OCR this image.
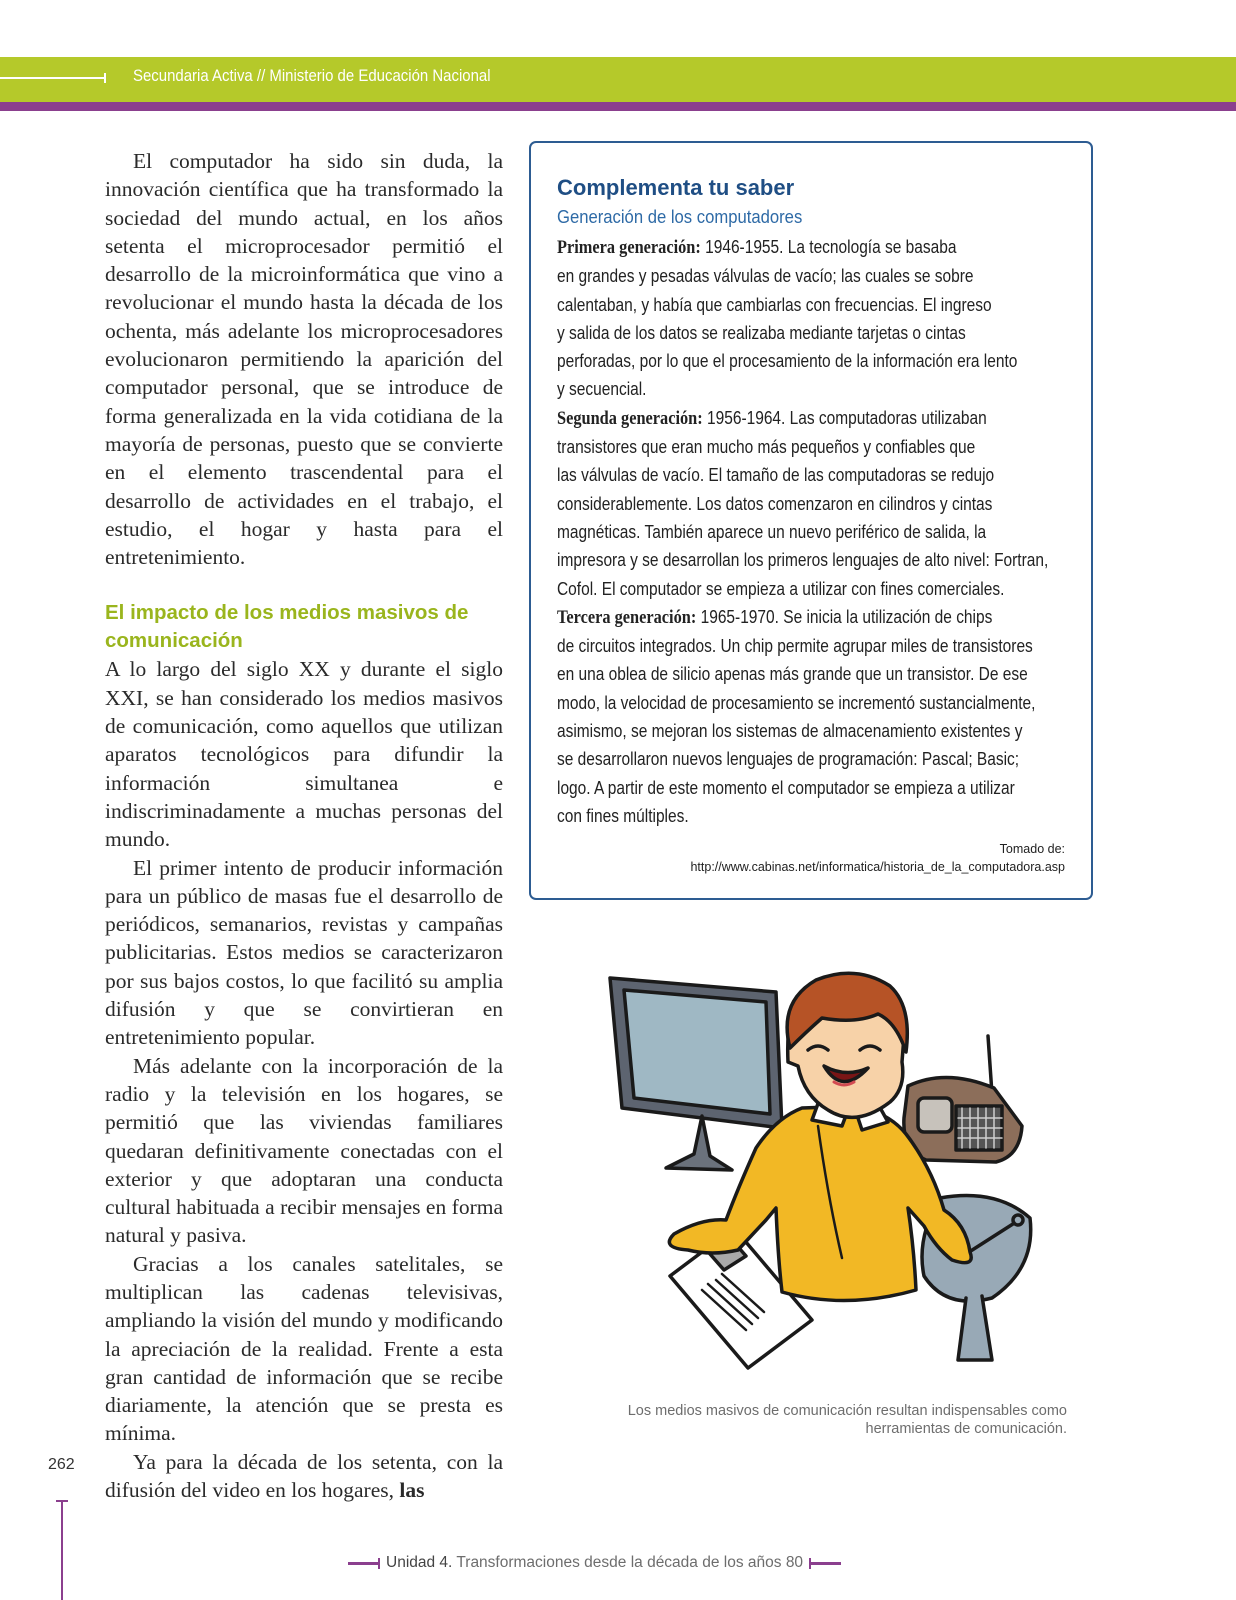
Secundaria Activa // Ministerio de Educación Nacional

El computador ha sido sin duda, la innovación científica que ha transformado la sociedad del mundo actual, en los años setenta el microprocesador permitió el desarrollo de la microinformática que vino a revolucionar el mundo hasta la década de los ochenta, más adelante los microprocesadores evolucionaron permitiendo la aparición del computador personal, que se introduce de forma generalizada en la vida cotidiana de la mayoría de personas, puesto que se convierte en el elemento trascendental para el desarrollo de actividades en el trabajo, el estudio, el hogar y hasta para el entretenimiento.

El impacto de los medios masivos de comunicación

A lo largo del siglo XX y durante el siglo XXI, se han considerado los medios masivos de comunicación, como aquellos que utilizan aparatos tecnológicos para difundir la información simultanea e indiscriminadamente a muchas personas del mundo.

El primer intento de producir información para un público de masas fue el desarrollo de periódicos, semanarios, revistas y campañas publicitarias. Estos medios se caracterizaron por sus bajos costos, lo que facilitó su amplia difusión y que se convirtieran en entretenimiento popular.

Más adelante con la incorporación de la radio y la televisión en los hogares, se permitió que las viviendas familiares quedaran definitivamente conectadas con el exterior y que adoptaran una conducta cultural habituada a recibir mensajes en forma natural y pasiva.

Gracias a los canales satelitales, se multiplican las cadenas televisivas, ampliando la visión del mundo y modificando la apreciación de la realidad. Frente a esta gran cantidad de información que se recibe diariamente, la atención que se presta es mínima.

Ya para la década de los setenta, con la difusión del video en los hogares, las

Complementa tu saber
Generación de los computadores
Primera generación: 1946-1955. La tecnología se basaba
en grandes y pesadas válvulas de vacío; las cuales se sobre
calentaban, y había que cambiarlas con frecuencias. El ingreso
y salida de los datos se realizaba mediante tarjetas o cintas
perforadas, por lo que el procesamiento de la información era lento
y secuencial.
Segunda generación: 1956-1964. Las computadoras utilizaban
transistores que eran mucho más pequeños y confiables que
las válvulas de vacío. El tamaño de las computadoras se redujo
considerablemente. Los datos comenzaron en cilindros y cintas
magnéticas. También aparece un nuevo periférico de salida, la
impresora y se desarrollan los primeros lenguajes de alto nivel: Fortran,
Cofol. El computador se empieza a utilizar con fines comerciales.
Tercera generación: 1965-1970. Se inicia la utilización de chips
de circuitos integrados. Un chip permite agrupar miles de transistores
en una oblea de silicio apenas más grande que un transistor. De ese
modo, la velocidad de procesamiento se incrementó sustancialmente,
asimismo, se mejoran los sistemas de almacenamiento existentes y
se desarrollaron nuevos lenguajes de programación: Pascal; Basic;
logo. A partir de este momento el computador se empieza a utilizar
con fines múltiples.
Tomado de:
http://www.cabinas.net/informatica/historia_de_la_computadora.asp
Los medios masivos de comunicación resultan indispensables como herramientas de comunicación.
262
Unidad 4. Transformaciones desde la década de los años 80
